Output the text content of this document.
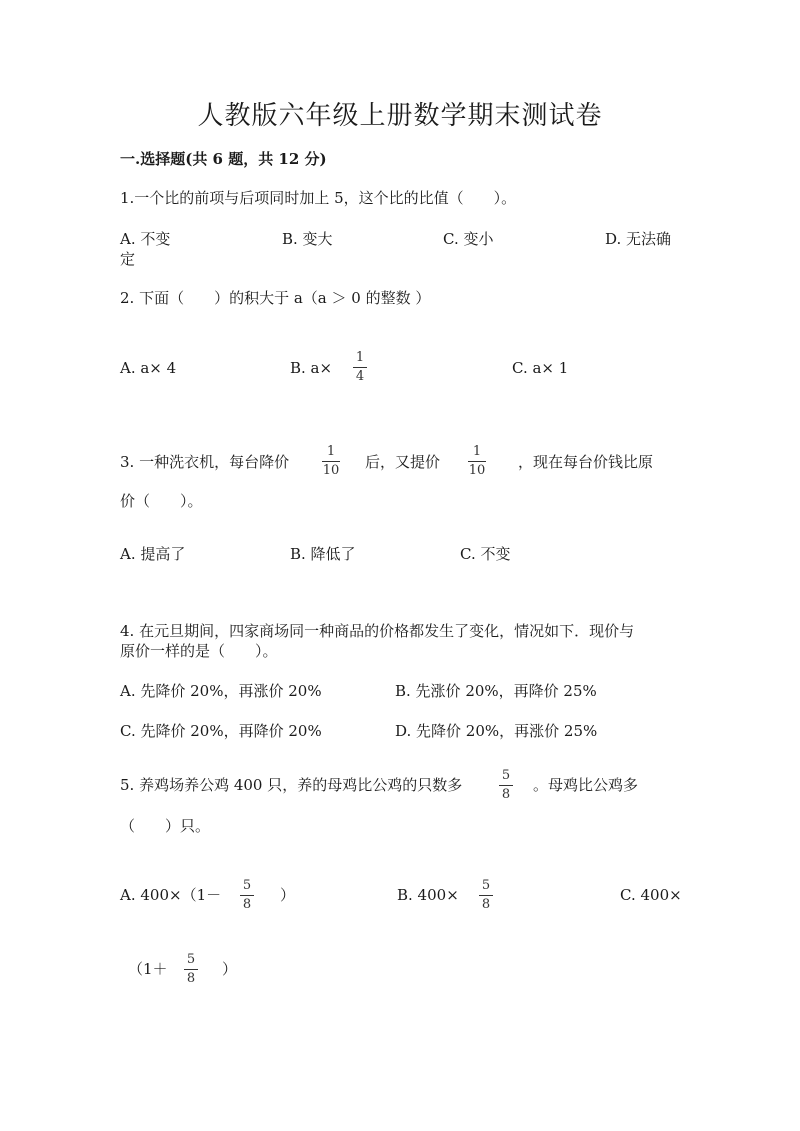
人教版六年级上册数学期末测试卷
一.选择题(共 6 题，共 12 分)
1.一个比的前项与后项同时加上 5，这个比的比值（　　）。
A. 不变	B. 变大	C. 变小	D. 无法确
定
2. 下面（　　）的积大于 a（a ＞ 0 的整数 ）
A. a× 4	B. a×
1
4	C. a× 1
3. 一种洗衣机，每台降价
1
10 后，又提价
1
10 ，现在每台价钱比原
价（　　）。
A. 提高了	B. 降低了	C. 不变
4. 在元旦期间，四家商场同一种商品的价格都发生了变化，情况如下．现价与
原价一样的是（　　）。
A. 先降价 20%，再涨价 20%	B. 先涨价 20%，再降价 25%
C. 先降价 20%，再降价 20%	D. 先降价 20%，再涨价 25%
5. 养鸡场养公鸡 400 只，养的母鸡比公鸡的只数多
5
8
。母鸡比公鸡多
（　　）只。
A. 400×（1－
5
8
）	B. 400×
5
8
C. 400×
（1＋
5
8
）
